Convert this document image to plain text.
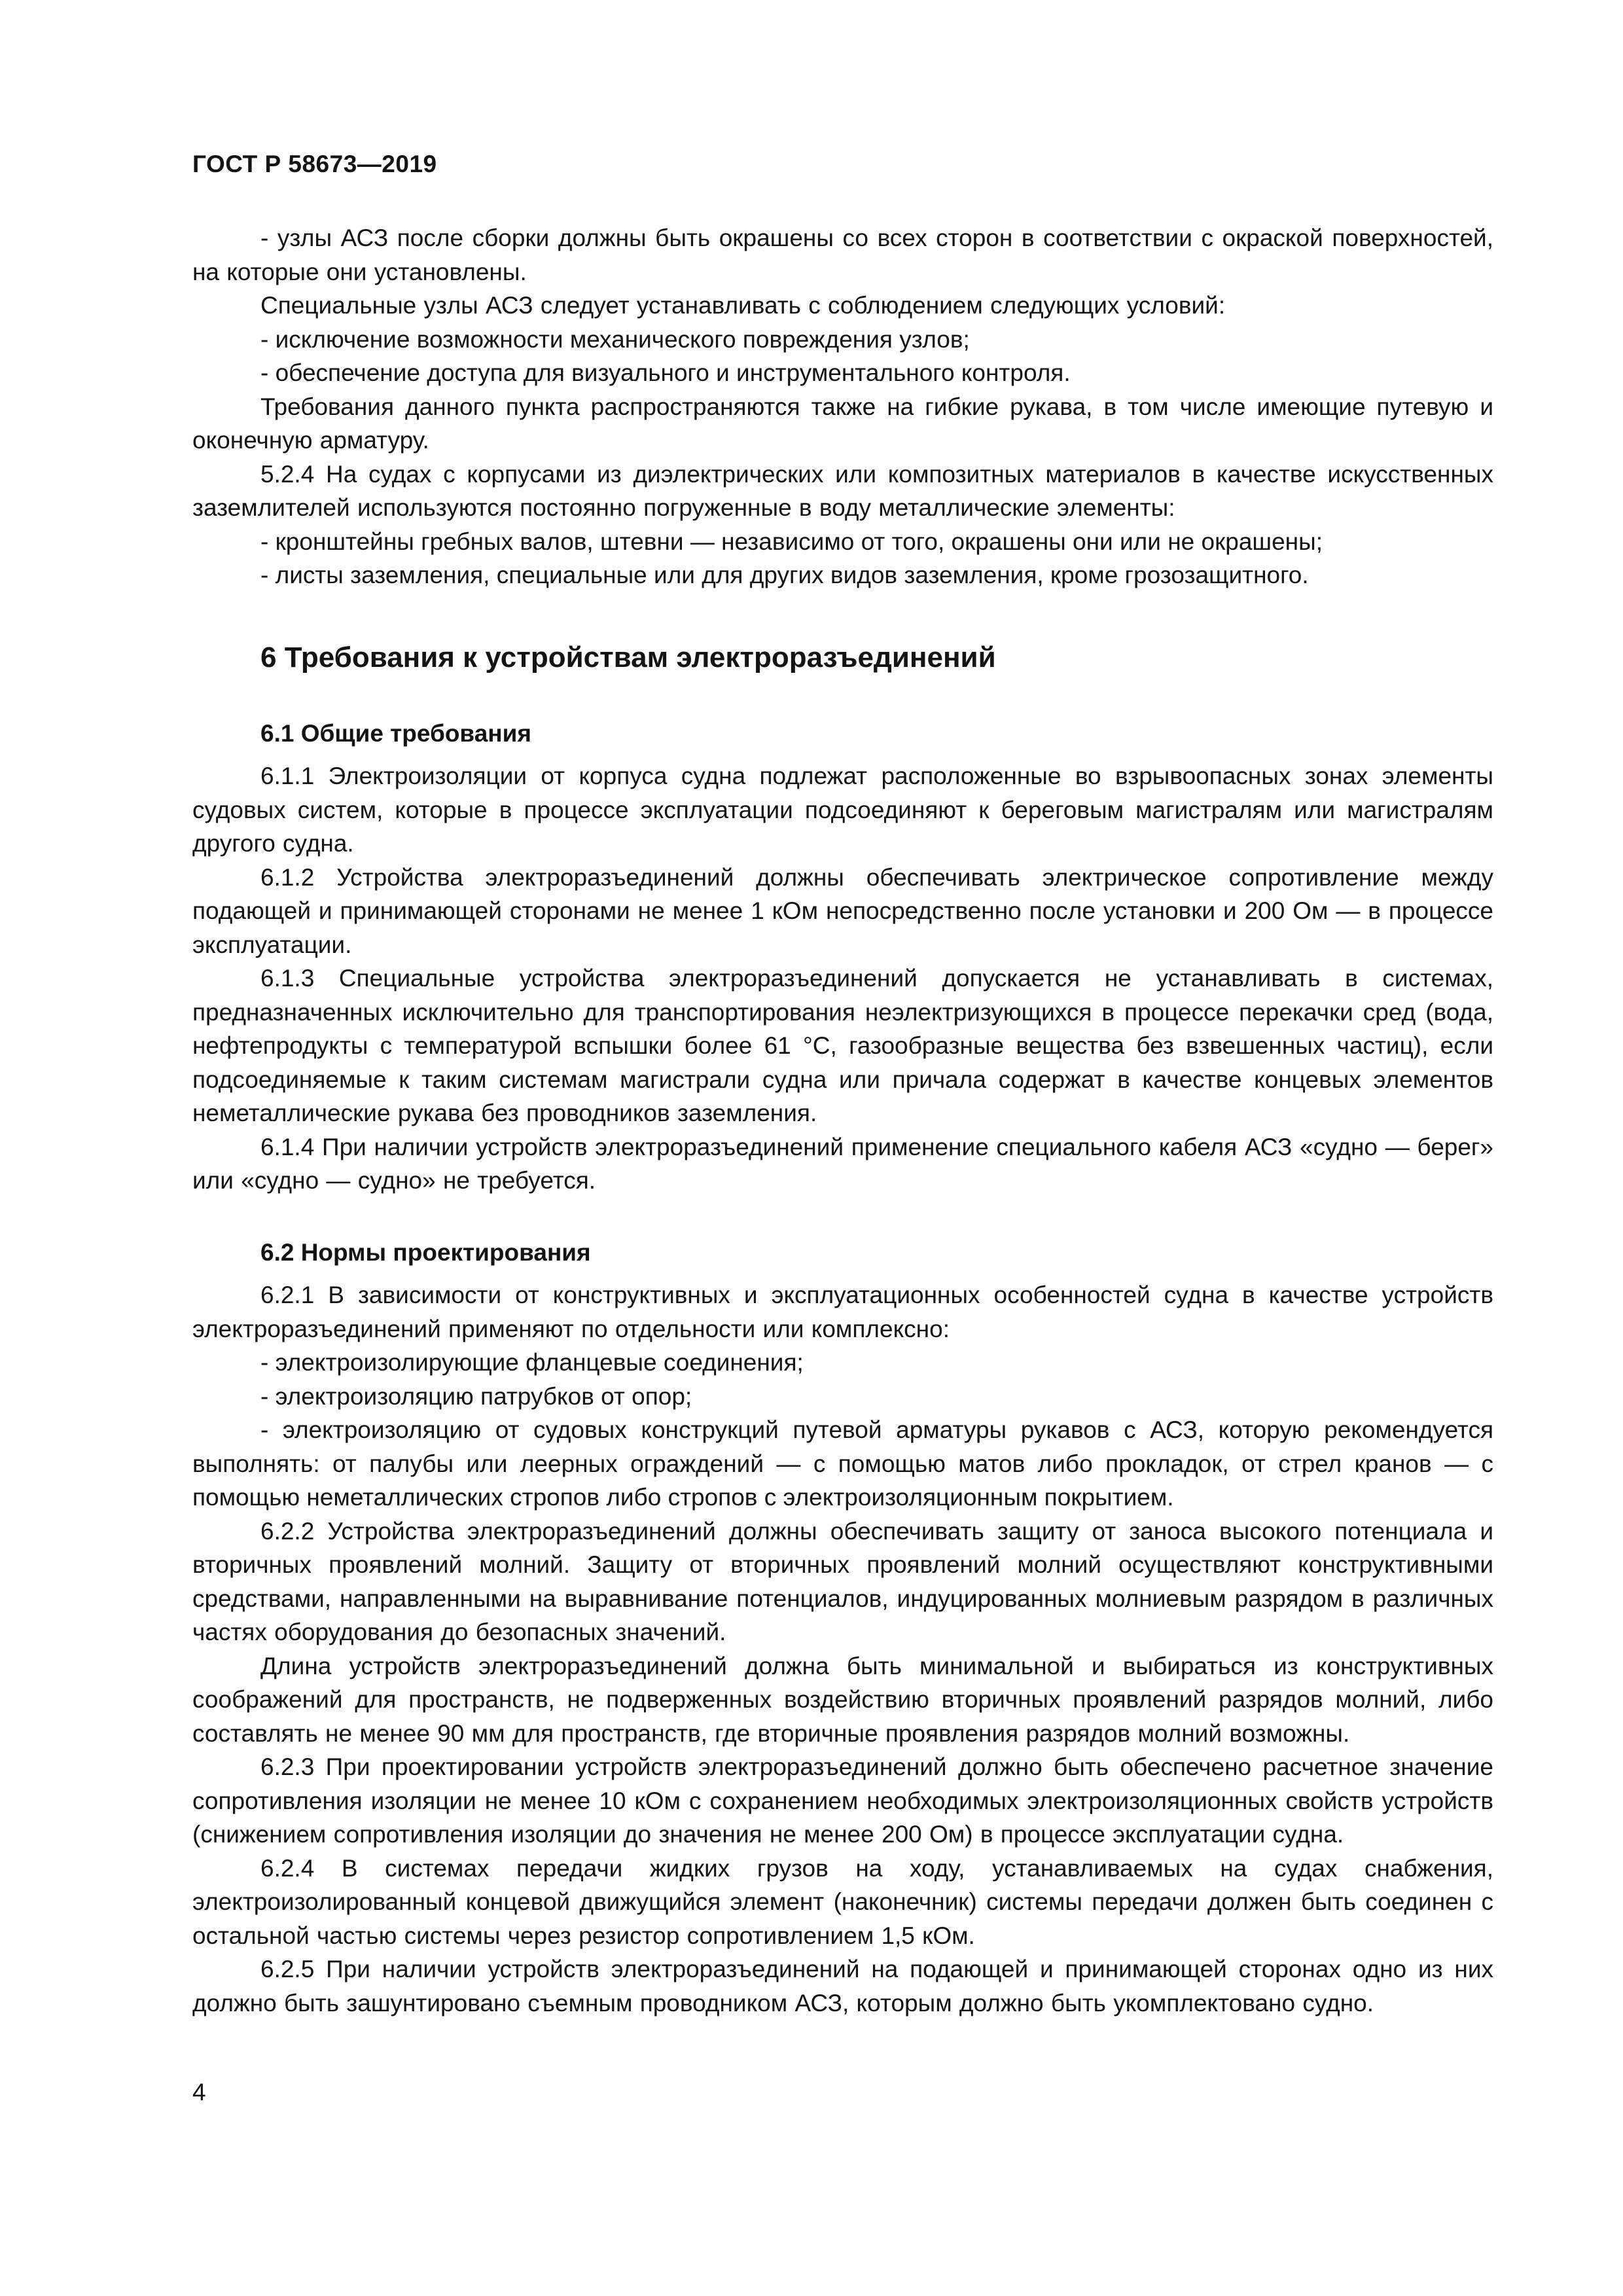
ГОСТ Р 58673—2019

- узлы АСЗ после сборки должны быть окрашены со всех сторон в соответствии с окраской поверхностей, на которые они установлены.

Специальные узлы АСЗ следует устанавливать с соблюдением следующих условий:

- исключение возможности механического повреждения узлов;

- обеспечение доступа для визуального и инструментального контроля.

Требования данного пункта распространяются также на гибкие рукава, в том числе имеющие путевую и оконечную арматуру.

5.2.4 На судах с корпусами из диэлектрических или композитных материалов в качестве искусственных заземлителей используются постоянно погруженные в воду металлические элементы:

- кронштейны гребных валов, штевни — независимо от того, окрашены они или не окрашены;

- листы заземления, специальные или для других видов заземления, кроме грозозащитного.

6 Требования к устройствам электроразъединений
6.1 Общие требования

6.1.1 Электроизоляции от корпуса судна подлежат расположенные во взрывоопасных зонах элементы судовых систем, которые в процессе эксплуатации подсоединяют к береговым магистралям или магистралям другого судна.

6.1.2 Устройства электроразъединений должны обеспечивать электрическое сопротивление между подающей и принимающей сторонами не менее 1 кОм непосредственно после установки и 200 Ом — в процессе эксплуатации.

6.1.3 Специальные устройства электроразъединений допускается не устанавливать в системах, предназначенных исключительно для транспортирования неэлектризующихся в процессе перекачки сред (вода, нефтепродукты с температурой вспышки более 61 °С, газообразные вещества без взвешенных частиц), если подсоединяемые к таким системам магистрали судна или причала содержат в качестве концевых элементов неметаллические рукава без проводников заземления.

6.1.4 При наличии устройств электроразъединений применение специального кабеля АСЗ «судно — берег» или «судно — судно» не требуется.

6.2 Нормы проектирования

6.2.1 В зависимости от конструктивных и эксплуатационных особенностей судна в качестве устройств электроразъединений применяют по отдельности или комплексно:

- электроизолирующие фланцевые соединения;

- электроизоляцию патрубков от опор;

- электроизоляцию от судовых конструкций путевой арматуры рукавов с АСЗ, которую рекомендуется выполнять: от палубы или леерных ограждений — с помощью матов либо прокладок, от стрел кранов — с помощью неметаллических стропов либо стропов с электроизоляционным покрытием.

6.2.2 Устройства электроразъединений должны обеспечивать защиту от заноса высокого потенциала и вторичных проявлений молний. Защиту от вторичных проявлений молний осуществляют конструктивными средствами, направленными на выравнивание потенциалов, индуцированных молниевым разрядом в различных частях оборудования до безопасных значений.

Длина устройств электроразъединений должна быть минимальной и выбираться из конструктивных соображений для пространств, не подверженных воздействию вторичных проявлений разрядов молний, либо составлять не менее 90 мм для пространств, где вторичные проявления разрядов молний возможны.

6.2.3 При проектировании устройств электроразъединений должно быть обеспечено расчетное значение сопротивления изоляции не менее 10 кОм с сохранением необходимых электроизоляционных свойств устройств (снижением сопротивления изоляции до значения не менее 200 Ом) в процессе эксплуатации судна.

6.2.4 В системах передачи жидких грузов на ходу, устанавливаемых на судах снабжения, электроизолированный концевой движущийся элемент (наконечник) системы передачи должен быть соединен с остальной частью системы через резистор сопротивлением 1,5 кОм.

6.2.5 При наличии устройств электроразъединений на подающей и принимающей сторонах одно из них должно быть зашунтировано съемным проводником АСЗ, которым должно быть укомплектовано судно.

4
